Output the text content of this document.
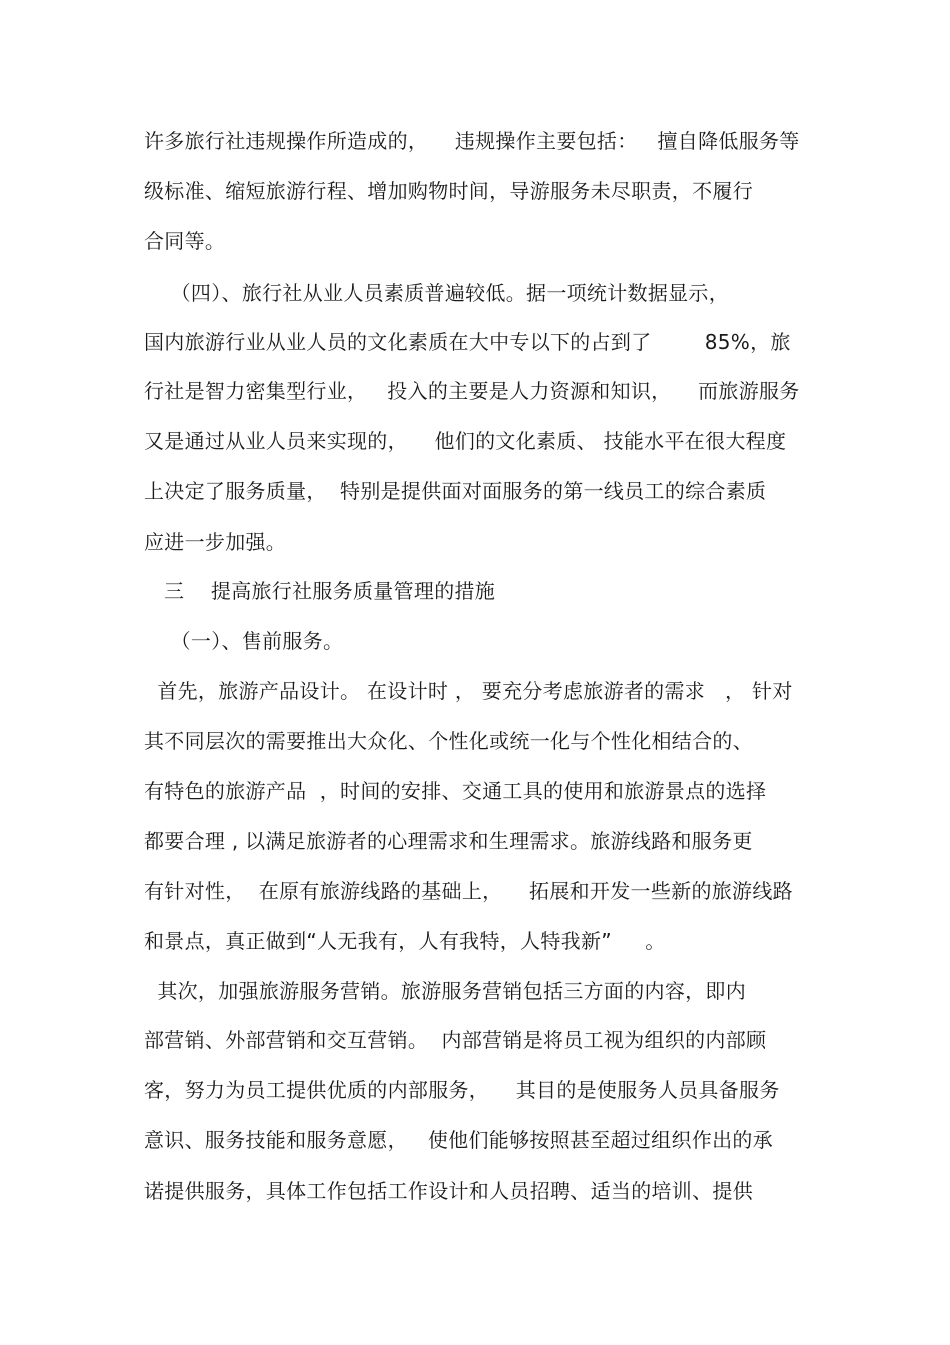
许多旅行社违规操作所造成的，    违规操作主要包括：   擅自降低服务等
级标准、缩短旅游行程、增加购物时间，导游服务未尽职责，不履行
合同等。
（四）、旅行社从业人员素质普遍较低。据一项统计数据显示，
国内旅游行业从业人员的文化素质在大中专以下的占到了        85%，旅
行社是智力密集型行业，   投入的主要是人力资源和知识，    而旅游服务
又是通过从业人员来实现的，    他们的文化素质、 技能水平在很大程度
上决定了服务质量，  特别是提供面对面服务的第一线员工的综合素质
应进一步加强。
三    提高旅行社服务质量管理的措施
（一）、售前服务。
首先，旅游产品设计。 在设计时 ， 要充分考虑旅游者的需求   ， 针对
其不同层次的需要推出大众化、个性化或统一化与个性化相结合的、
有特色的旅游产品  ，时间的安排、交通工具的使用和旅游景点的选择
都要合理 , 以满足旅游者的心理需求和生理需求。旅游线路和服务更
有针对性，  在原有旅游线路的基础上，    拓展和开发一些新的旅游线路
和景点，真正做到“人无我有，人有我特，人特我新”     。
其次，加强旅游服务营销。旅游服务营销包括三方面的内容，即内
部营销、外部营销和交互营销。  内部营销是将员工视为组织的内部顾
客，努力为员工提供优质的内部服务，    其目的是使服务人员具备服务
意识、服务技能和服务意愿，   使他们能够按照甚至超过组织作出的承
诺提供服务，具体工作包括工作设计和人员招聘、适当的培训、提供
